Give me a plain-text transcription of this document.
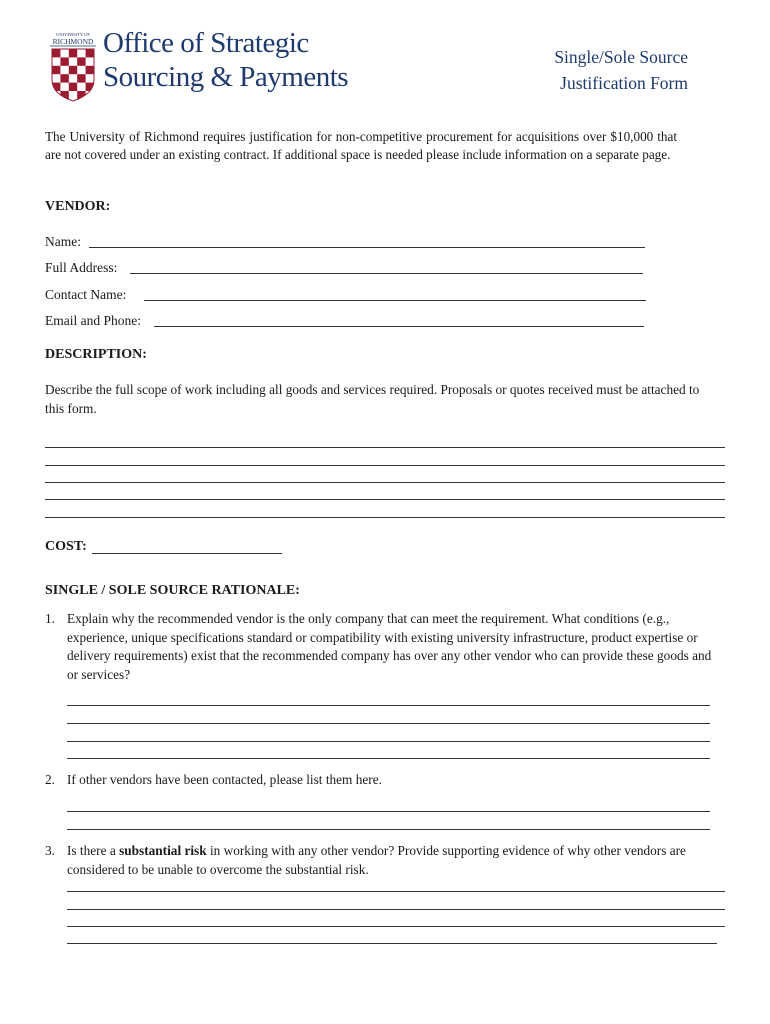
UNIVERSITY OF
RICHMOND Office of Strategic
Sourcing & Payments
Single/Sole Source
Justification Form
The University of Richmond requires justification for non-competitive procurement for acquisitions over $10,000 that are not covered under an existing contract. If additional space is needed please include information on a separate page.
VENDOR:
Name:
Full Address:
Contact Name:
Email and Phone:
DESCRIPTION:
Describe the full scope of work including all goods and services required. Proposals or quotes received must be attached to this form.
COST:
SINGLE / SOLE SOURCE RATIONALE:
1. Explain why the recommended vendor is the only company that can meet the requirement. What conditions (e.g., experience, unique specifications standard or compatibility with existing university infrastructure, product expertise or delivery requirements) exist that the recommended company has over any other vendor who can provide these goods and or services?
2. If other vendors have been contacted, please list them here.
3. Is there a substantial risk in working with any other vendor? Provide supporting evidence of why other vendors are considered to be unable to overcome the substantial risk.
